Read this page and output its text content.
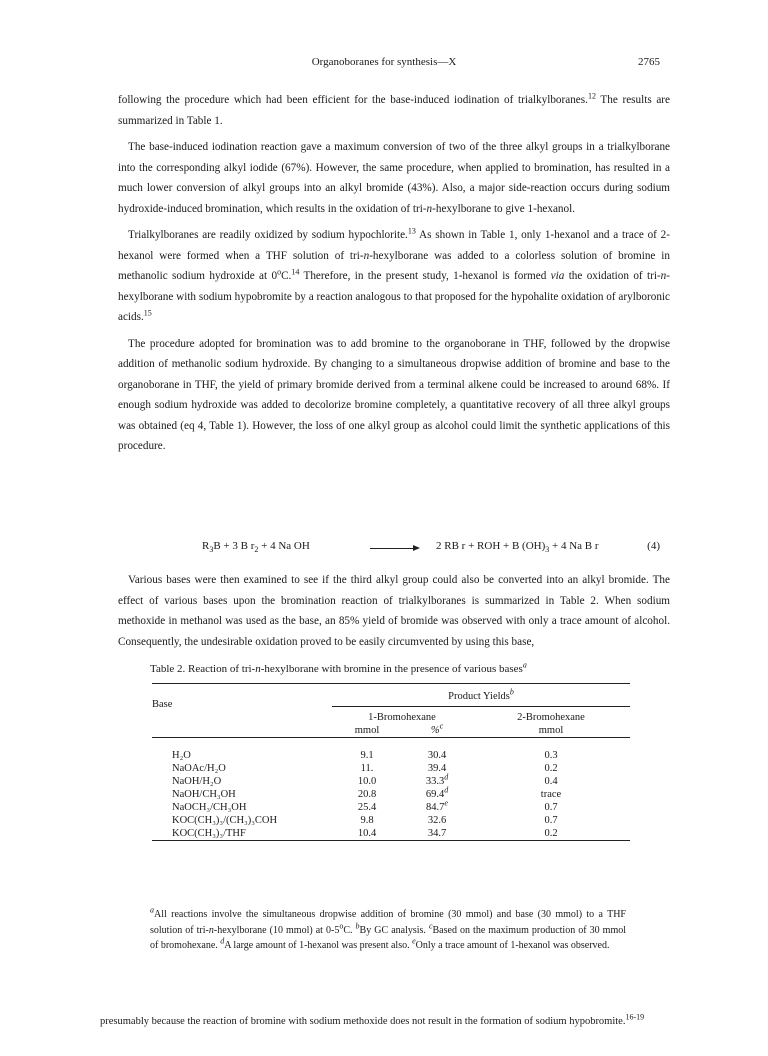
Organoboranes for synthesis—X	2765

following the procedure which had been efficient for the base-induced iodination of trialkylboranes.$^{12}$ The results are summarized in Table 1.

The base-induced iodination reaction gave a maximum conversion of two of the three alkyl groups in a trialkylborane into the corresponding alkyl iodide (67%). However, the same procedure, when applied to bromination, has resulted in a much lower conversion of alkyl groups into an alkyl bromide (43%). Also, a major side-reaction occurs during sodium hydroxide-induced bromination, which results in the oxidation of tri-n-hexylborane to give 1-hexanol.

Trialkylboranes are readily oxidized by sodium hypochlorite.$^{13}$ As shown in Table 1, only 1-hexanol and a trace of 2-hexanol were formed when a THF solution of tri-n-hexylborane was added to a colorless solution of bromine in methanolic sodium hydroxide at 0$^o$C.$^{14}$ Therefore, in the present study, 1-hexanol is formed via the oxidation of tri-n-hexylborane with sodium hypobromite by a reaction analogous to that proposed for the hypohalite oxidation of arylboronic acids.$^{15}$

The procedure adopted for bromination was to add bromine to the organoborane in THF, followed by the dropwise addition of methanolic sodium hydroxide. By changing to a simultaneous dropwise addition of bromine and base to the organoborane in THF, the yield of primary bromide derived from a terminal alkene could be increased to around 68%. If enough sodium hydroxide was added to decolorize bromine completely, a quantitative recovery of all three alkyl groups was obtained (eq 4, Table 1). However, the loss of one alkyl group as alcohol could limit the synthetic applications of this procedure.

$R_3B + 3$ B $r_2 + 4$ Na OH	2 RB r + ROH + B $(OH)_3 + 4$ Na B r	(4)

Various bases were then examined to see if the third alkyl group could also be converted into an alkyl bromide. The effect of various bases upon the bromination reaction of trialkylboranes is summarized in Table 2. When sodium methoxide in methanol was used as the base, an 85% yield of bromide was observed with only a trace amount of alcohol. Consequently, the undesirable oxidation proved to be easily circumvented by using this base,

Table 2. Reaction of tri-n-hexylborane with bromine in the presence of various bases$^a$

Base	Product Yields$^b$
	1-Bromohexane		2-Bromohexane
	mmol	%$^c$	mmol

H₂O	9.1	30.4	0.3
NaOAc/H₂O	11.	39.4	0.2
NaOH/H₂O	10.0	33.3$^d$	0.4
NaOH/CH₃OH	20.8	69.4$^d$	trace
NaOCH₃/CH₃OH	25.4	84.7e	0.7
KOC(CH₃)₃/(CH₃)₃COH	9.8	32.6	0.7
KOC(CH₃)₃/THF	10.4	34.7	0.2

$^a$All reactions involve the simultaneous dropwise addition of bromine (30 mmol) and base (30 mmol) to a THF solution of tri-n-hexylborane (10 mmol) at 0-5$^o$C. $^b$By GC analysis. $^c$Based on the maximum production of 30 mmol of bromohexane. $^d$A large amount of 1-hexanol was present also. $^e$Only a trace amount of 1-hexanol was observed.

presumably because the reaction of bromine with sodium methoxide does not result in the formation of sodium hypobromite.$^{16-19}$
